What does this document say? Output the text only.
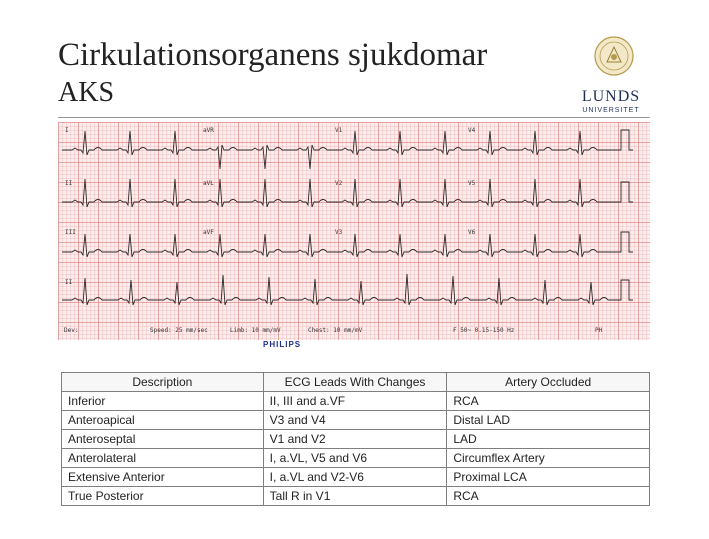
Cirkulationsorganens sjukdomar
AKS	LUNDS
UNIVERSITET
I	aVR	V1	V4
II	aVL	V2	V5
III	aVF	V3	V6
II
Dev:	Speed: 25 mm/sec	Limb: 10 mm/mV	Chest: 10 mm/mV	F 50~ 0.15-150 Hz	PH
PHILIPS
Description	ECG Leads With Changes	Artery Occluded
Inferior	II, III and a.VF	RCA
Anteroapical	V3 and V4	Distal LAD
Anteroseptal	V1 and V2	LAD
Anterolateral	I, a.VL, V5 and V6	Circumflex Artery
Extensive Anterior	I, a.VL and V2-V6	Proximal LCA
True Posterior	Tall R in V1	RCA
